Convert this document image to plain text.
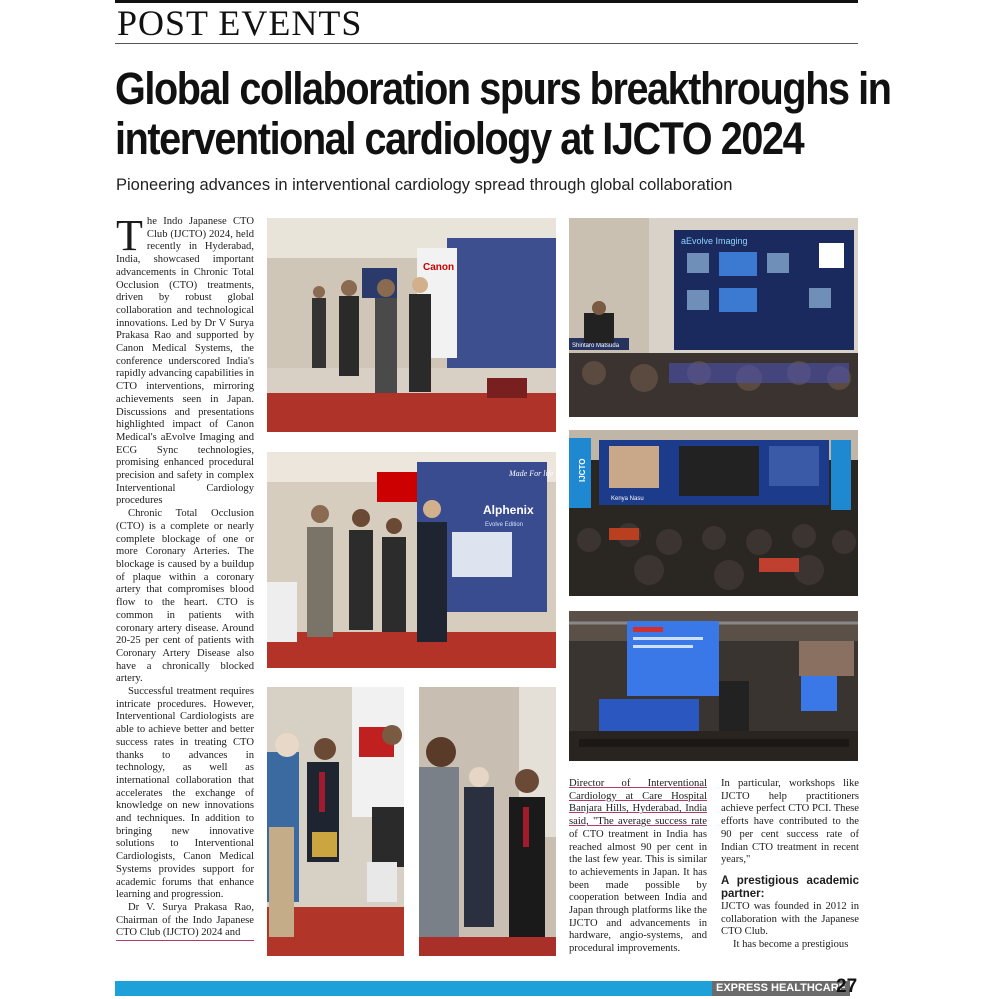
POST EVENTS
Global collaboration spurs breakthroughs in
interventional cardiology at IJCTO 2024
Pioneering advances in interventional cardiology spread through global collaboration

The Indo Japanese CTO Club (IJCTO) 2024, held recently in Hyderabad, India, showcased important advancements in Chronic Total Occlusion (CTO) treatments, driven by robust global collaboration and technological innovations. Led by Dr V Surya Prakasa Rao and supported by Canon Medical Systems, the conference underscored India's rapidly advancing capabilities in CTO interventions, mirroring achievements seen in Japan. Discussions and presentations highlighted impact of Canon Medical's aEvolve Imaging and ECG Sync technologies, promising enhanced procedural precision and safety in complex Interventional Cardiology procedures

Chronic Total Occlusion (CTO) is a complete or nearly complete blockage of one or more Coronary Arteries. The blockage is caused by a buildup of plaque within a coronary artery that compromises blood flow to the heart. CTO is common in patients with coronary artery disease. Around 20-25 per cent of patients with Coronary Artery Disease also have a chronically blocked artery.

Successful treatment requires intricate procedures. However, Interventional Cardiologists are able to achieve better and better success rates in treating CTO thanks to advances in technology, as well as international collaboration that accelerates the exchange of knowledge on new innovations and techniques. In addition to bringing new innovative solutions to Interventional Cardiologists, Canon Medical Systems provides support for academic forums that enhance learning and progression.

Dr V. Surya Prakasa Rao, Chairman of the Indo Japanese CTO Club (IJCTO) 2024 and

Director of Interventional Cardiology at Care Hospital Banjara Hills, Hyderabad, India said, "The average success rate of CTO treatment in India has reached almost 90 per cent in the last few year. This is similar to achievements in Japan. It has been made possible by cooperation between India and Japan through platforms like the IJCTO and advancements in hardware, angio-systems, and procedural improvements.

In particular, workshops like IJCTO help practitioners achieve perfect CTO PCI. These efforts have contributed to the 90 per cent success rate of Indian CTO treatment in recent years,"

A prestigious academic partner:

IJCTO was founded in 2012 in collaboration with the Japanese CTO Club.

It has become a prestigious

Canon
aEvolve Imaging
Shintaro Matsuda
Made For life
Alphenix
Evolve Edition
IJCTO
Kenya Nasu
EXPRESS HEALTHCARE
27
